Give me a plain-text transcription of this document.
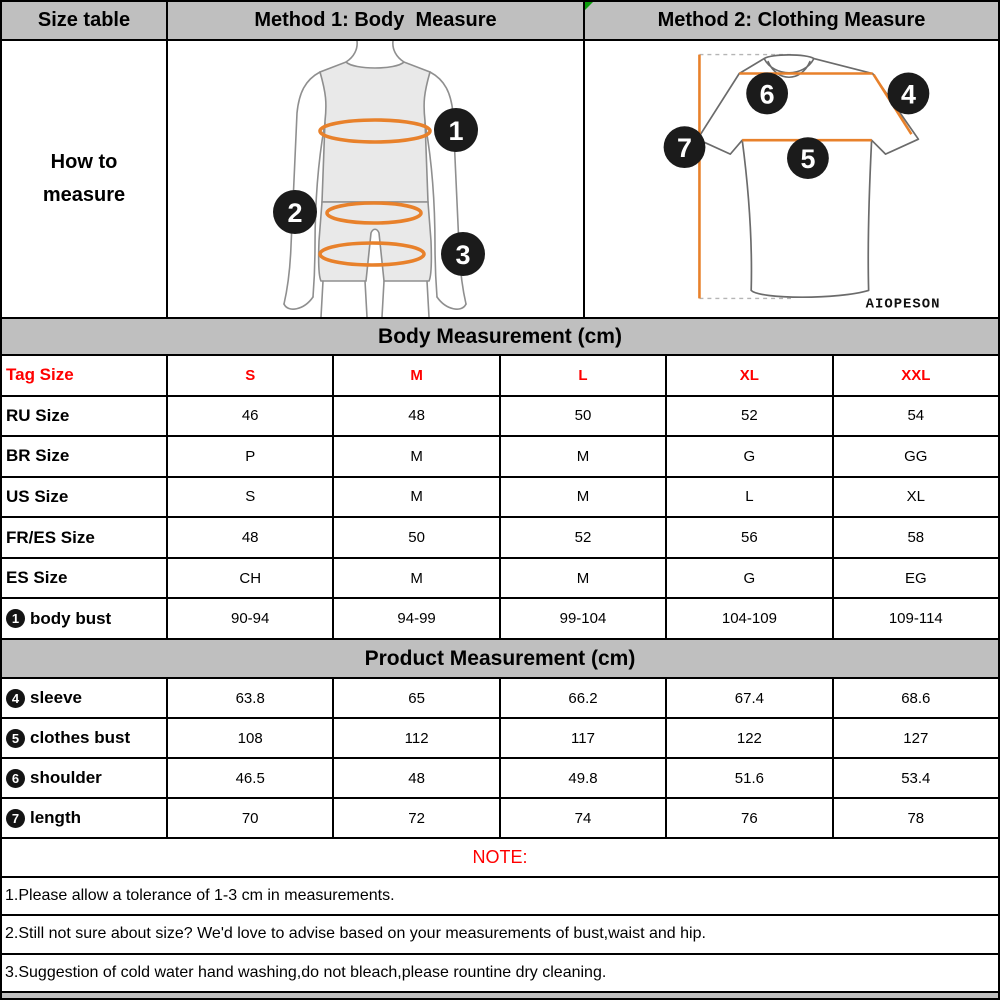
Size table	Method 1: Body  Measure	Method 2: Clothing Measure
How to
measure
1
2
3
6	4
5
7
AIOPESON
Body Measurement (cm)
Tag Size	S	M	L	XL	XXL
RU Size	46	48	50	52	54
BR Size	P	M	M	G	GG
US Size	S	M	M	L	XL
FR/ES Size	48	50	52	56	58
ES Size	CH	M	M	G	EG
1 body bust	90-94	94-99	99-104	104-109	109-114
Product Measurement (cm)
4 sleeve	63.8	65	66.2	67.4	68.6
5 clothes bust	108	112	117	122	127
6 shoulder	46.5	48	49.8	51.6	53.4
7 length	70	72	74	76	78
NOTE:
1.Please allow a tolerance of 1-3 cm in measurements.
2.Still not sure about size? We'd love to advise based on your measurements of bust,waist and hip.
3.Suggestion of cold water hand washing,do not bleach,please rountine dry cleaning.
